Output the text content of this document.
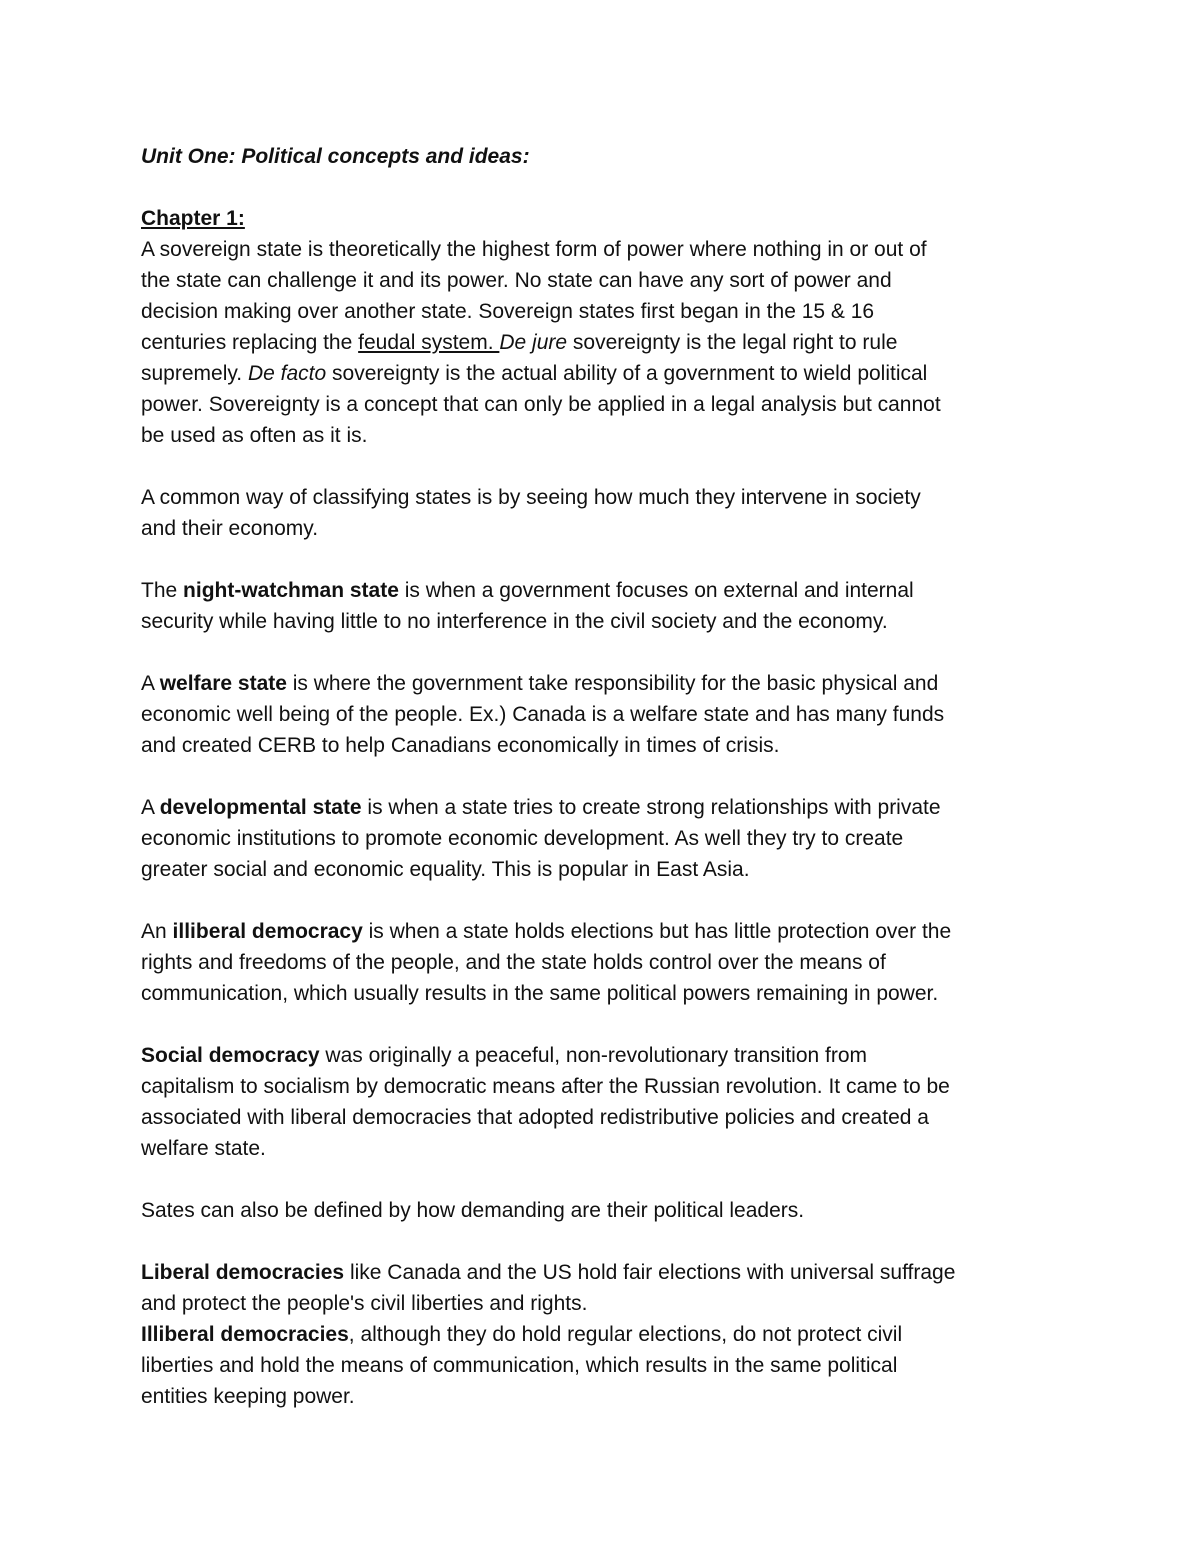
Unit One: Political concepts and ideas:
Chapter 1:
A sovereign state is theoretically the highest form of power where nothing in or out of
the state can challenge it and its power. No state can have any sort of power and
decision making over another state. Sovereign states first began in the 15 & 16
centuries replacing the feudal system. De jure sovereignty is the legal right to rule
supremely. De facto sovereignty is the actual ability of a government to wield political
power. Sovereignty is a concept that can only be applied in a legal analysis but cannot
be used as often as it is.
A common way of classifying states is by seeing how much they intervene in society
and their economy.
The night-watchman state is when a government focuses on external and internal
security while having little to no interference in the civil society and the economy.
A welfare state is where the government take responsibility for the basic physical and
economic well being of the people. Ex.) Canada is a welfare state and has many funds
and created CERB to help Canadians economically in times of crisis.
A developmental state is when a state tries to create strong relationships with private
economic institutions to promote economic development. As well they try to create
greater social and economic equality. This is popular in East Asia.
An illiberal democracy is when a state holds elections but has little protection over the
rights and freedoms of the people, and the state holds control over the means of
communication, which usually results in the same political powers remaining in power.
Social democracy was originally a peaceful, non-revolutionary transition from
capitalism to socialism by democratic means after the Russian revolution. It came to be
associated with liberal democracies that adopted redistributive policies and created a
welfare state.
Sates can also be defined by how demanding are their political leaders.
Liberal democracies like Canada and the US hold fair elections with universal suffrage
and protect the people's civil liberties and rights.
Illiberal democracies, although they do hold regular elections, do not protect civil
liberties and hold the means of communication, which results in the same political
entities keeping power.
